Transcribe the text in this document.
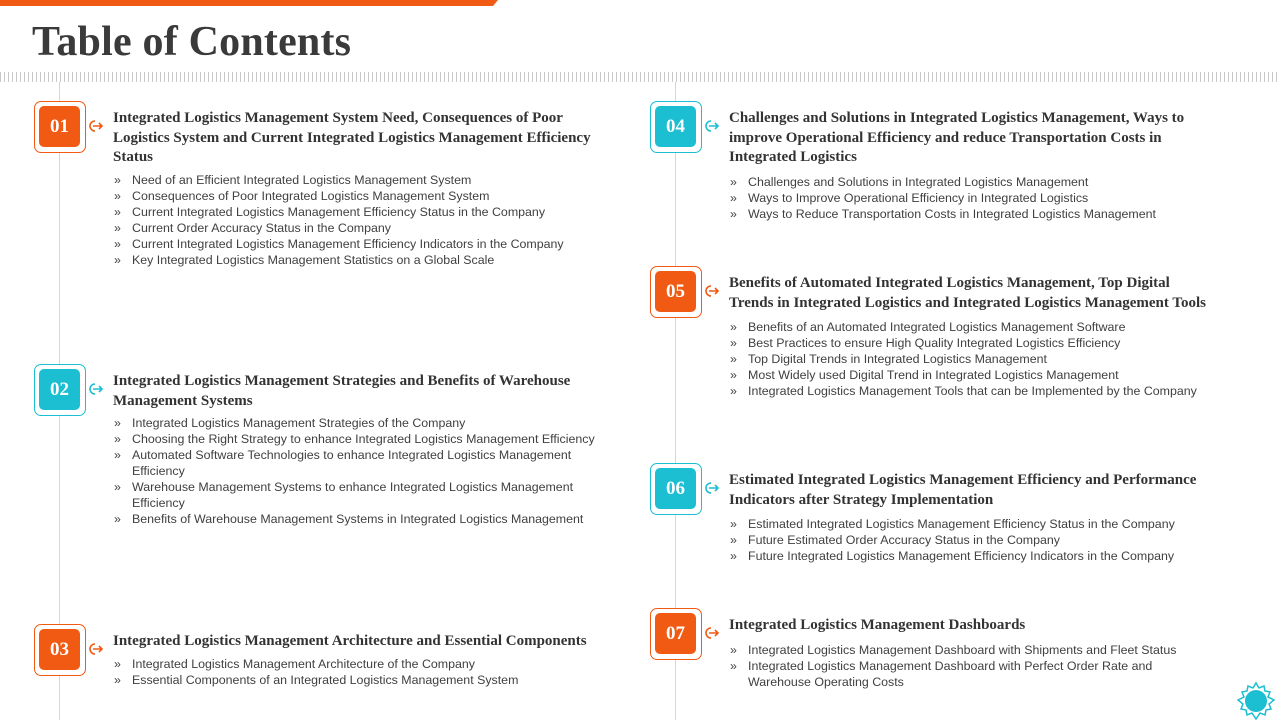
Table of Contents
01	Integrated Logistics Management System Need, Consequences of Poor Logistics System and Current Integrated Logistics Management Efficiency Status

» Need of an Efficient Integrated Logistics Management System
» Consequences of Poor Integrated Logistics Management System
» Current Integrated Logistics Management Efficiency Status in the Company
» Current Order Accuracy Status in the Company
» Current Integrated Logistics Management Efficiency Indicators in the Company
» Key Integrated Logistics Management Statistics on a Global Scale
02	Integrated Logistics Management Strategies and Benefits of Warehouse Management Systems

» Integrated Logistics Management Strategies of the Company
» Choosing the Right Strategy to enhance Integrated Logistics Management Efficiency
» Automated Software Technologies to enhance Integrated Logistics Management Efficiency
» Warehouse Management Systems to enhance Integrated Logistics Management Efficiency
» Benefits of Warehouse Management Systems in Integrated Logistics Management
03	Integrated Logistics Management Architecture and Essential Components

» Integrated Logistics Management Architecture of the Company
» Essential Components of an Integrated Logistics Management System
04	Challenges and Solutions in Integrated Logistics Management, Ways to improve Operational Efficiency and reduce Transportation Costs in Integrated Logistics

» Challenges and Solutions in Integrated Logistics Management
» Ways to Improve Operational Efficiency in Integrated Logistics
» Ways to Reduce Transportation Costs in Integrated Logistics Management
05	Benefits of Automated Integrated Logistics Management, Top Digital Trends in Integrated Logistics and Integrated Logistics Management Tools

» Benefits of an Automated Integrated Logistics Management Software
» Best Practices to ensure High Quality Integrated Logistics Efficiency
» Top Digital Trends in Integrated Logistics Management
» Most Widely used Digital Trend in Integrated Logistics Management
» Integrated Logistics Management Tools that can be Implemented by the Company
06	Estimated Integrated Logistics Management Efficiency and Performance Indicators after Strategy Implementation

» Estimated Integrated Logistics Management Efficiency Status in the Company
» Future Estimated Order Accuracy Status in the Company
» Future Integrated Logistics Management Efficiency Indicators in the Company
07	Integrated Logistics Management Dashboards

» Integrated Logistics Management Dashboard with Shipments and Fleet Status
» Integrated Logistics Management Dashboard with Perfect Order Rate and Warehouse Operating Costs
